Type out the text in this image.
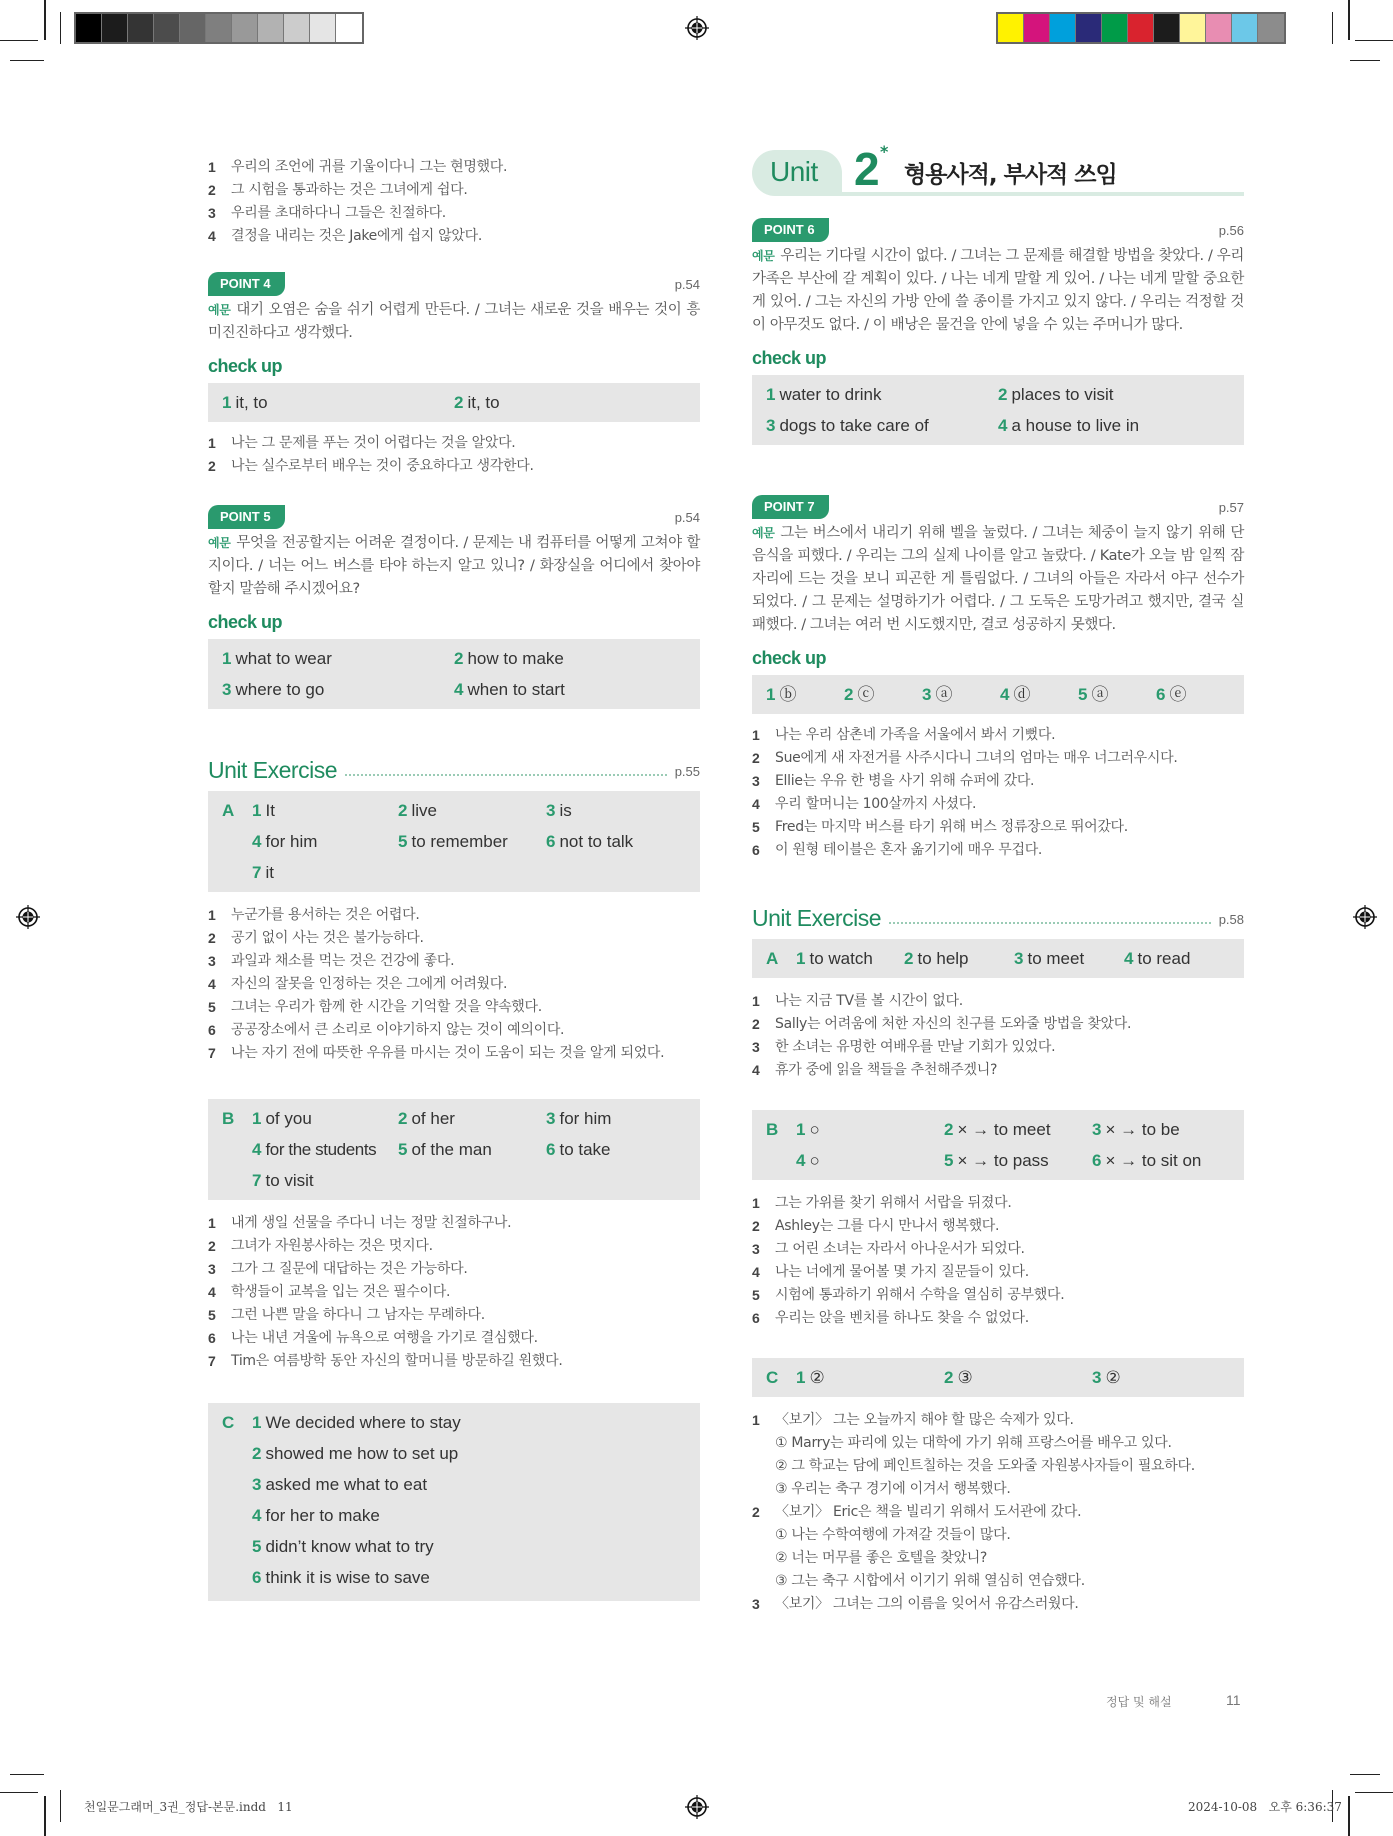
천일문그래머_3권_정답-본문.indd   11	2024-10-08   오후 6:36:37
1	우리의 조언에 귀를 기울이다니 그는 현명했다.
2	그 시험을 통과하는 것은 그녀에게 쉽다.
3	우리를 초대하다니 그들은 친절하다.
4	결정을 내리는 것은 Jake에게 쉽지 않았다.
POINT 4	p.54

예문 대기 오염은 숨을 쉬기 어렵게 만든다. / 그녀는 새로운 것을 배우는 것이 흥미진진하다고 생각했다.

check up
1 it, to	2 it, to
1	나는 그 문제를 푸는 것이 어렵다는 것을 알았다.
2	나는 실수로부터 배우는 것이 중요하다고 생각한다.
POINT 5	p.54

예문 무엇을 전공할지는 어려운 결정이다. / 문제는 내 컴퓨터를 어떻게 고쳐야 할지이다. / 너는 어느 버스를 타야 하는지 알고 있니? / 화장실을 어디에서 찾아야 할지 말씀해 주시겠어요?

check up
1 what to wear	2 how to make
3 where to go	4 when to start
Unit Exercise	p.55
A	1 It	2 live	3 is
4 for him	5 to remember	6 not to talk
7 it
1	누군가를 용서하는 것은 어렵다.
2	공기 없이 사는 것은 불가능하다.
3	과일과 채소를 먹는 것은 건강에 좋다.
4	자신의 잘못을 인정하는 것은 그에게 어려웠다.
5	그녀는 우리가 함께 한 시간을 기억할 것을 약속했다.
6	공공장소에서 큰 소리로 이야기하지 않는 것이 예의이다.
7	나는 자기 전에 따뜻한 우유를 마시는 것이 도움이 되는 것을 알게 되었다.
B	1 of you	2 of her	3 for him
4 for the students	5 of the man	6 to take
7 to visit
1	내게 생일 선물을 주다니 너는 정말 친절하구나.
2	그녀가 자원봉사하는 것은 멋지다.
3	그가 그 질문에 대답하는 것은 가능하다.
4	학생들이 교복을 입는 것은 필수이다.
5	그런 나쁜 말을 하다니 그 남자는 무례하다.
6	나는 내년 겨울에 뉴욕으로 여행을 가기로 결심했다.
7	Tim은 여름방학 동안 자신의 할머니를 방문하길 원했다.
C	1 We decided where to stay
2 showed me how to set up
3 asked me what to eat
4 for her to make
5 didn’t know what to try
6 think it is wise to save
Unit 2 *
형용사적, 부사적 쓰임
POINT 6	p.56

예문 우리는 기다릴 시간이 없다. / 그녀는 그 문제를 해결할 방법을 찾았다. / 우리 가족은 부산에 갈 계획이 있다. / 나는 네게 말할 게 있어. / 나는 네게 말할 중요한 게 있어. / 그는 자신의 가방 안에 쓸 종이를 가지고 있지 않다. / 우리는 걱정할 것이 아무것도 없다. / 이 배낭은 물건을 안에 넣을 수 있는 주머니가 많다.

check up
1 water to drink	2 places to visit
3 dogs to take care of	4 a house to live in
POINT 7	p.57

예문 그는 버스에서 내리기 위해 벨을 눌렀다. / 그녀는 체중이 늘지 않기 위해 단 음식을 피했다. / 우리는 그의 실제 나이를 알고 놀랐다. / Kate가 오늘 밤 일찍 잠자리에 드는 것을 보니 피곤한 게 틀림없다. / 그녀의 아들은 자라서 야구 선수가 되었다. / 그 문제는 설명하기가 어렵다. / 그 도둑은 도망가려고 했지만, 결국 실패했다. / 그녀는 여러 번 시도했지만, 결코 성공하지 못했다.

check up
1 ⓑ	2 ⓒ	3 ⓐ	4 ⓓ	5 ⓐ	6 ⓔ
1	나는 우리 삼촌네 가족을 서울에서 봐서 기뻤다.
2	Sue에게 새 자전거를 사주시다니 그녀의 엄마는 매우 너그러우시다.
3	Ellie는 우유 한 병을 사기 위해 슈퍼에 갔다.
4	우리 할머니는 100살까지 사셨다.
5	Fred는 마지막 버스를 타기 위해 버스 정류장으로 뛰어갔다.
6	이 원형 테이블은 혼자 옮기기에 매우 무겁다.
Unit Exercise	p.58
A	1 to watch	2 to help	3 to meet	4 to read
1	나는 지금 TV를 볼 시간이 없다.
2	Sally는 어려움에 처한 자신의 친구를 도와줄 방법을 찾았다.
3	한 소녀는 유명한 여배우를 만날 기회가 있었다.
4	휴가 중에 읽을 책들을 추천해주겠니?
B	1 ○	2 × → to meet	3 × → to be
4 ○	5 × → to pass	6 × → to sit on
1	그는 가위를 찾기 위해서 서랍을 뒤졌다.
2	Ashley는 그를 다시 만나서 행복했다.
3	그 어린 소녀는 자라서 아나운서가 되었다.
4	나는 너에게 물어볼 몇 가지 질문들이 있다.
5	시험에 통과하기 위해서 수학을 열심히 공부했다.
6	우리는 앉을 벤치를 하나도 찾을 수 없었다.
C	1 ②	2 ③	3 ②
1	〈보기〉 그는 오늘까지 해야 할 많은 숙제가 있다.
① Marry는 파리에 있는 대학에 가기 위해 프랑스어를 배우고 있다.
② 그 학교는 담에 페인트칠하는 것을 도와줄 자원봉사자들이 필요하다.
③ 우리는 축구 경기에 이겨서 행복했다.
2	〈보기〉 Eric은 책을 빌리기 위해서 도서관에 갔다.
① 나는 수학여행에 가져갈 것들이 많다.
② 너는 머무를 좋은 호텔을 찾았니?
③ 그는 축구 시합에서 이기기 위해 열심히 연습했다.
3	〈보기〉 그녀는 그의 이름을 잊어서 유감스러웠다.
정답 및 해설	11
